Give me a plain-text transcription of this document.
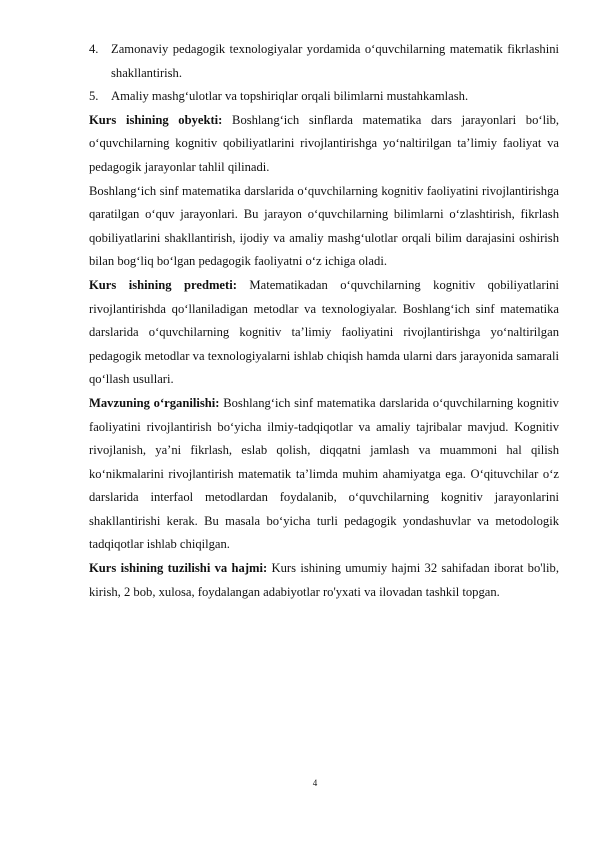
4. Zamonaviy pedagogik texnologiyalar yordamida o‘quvchilarning matematik fikrlashini shakllantirish.
5. Amaliy mashg‘ulotlar va topshiriqlar orqali bilimlarni mustahkamlash.

Kurs ishining obyekti: Boshlang‘ich sinflarda matematika dars jarayonlari bo‘lib, o‘quvchilarning kognitiv qobiliyatlarini rivojlantirishga yo‘naltirilgan ta’limiy faoliyat va pedagogik jarayonlar tahlil qilinadi.

Boshlang‘ich sinf matematika darslarida o‘quvchilarning kognitiv faoliyatini rivojlantirishga qaratilgan o‘quv jarayonlari. Bu jarayon o‘quvchilarning bilimlarni o‘zlashtirish, fikrlash qobiliyatlarini shakllantirish, ijodiy va amaliy mashg‘ulotlar orqali bilim darajasini oshirish bilan bog‘liq bo‘lgan pedagogik faoliyatni o‘z ichiga oladi.

Kurs ishining predmeti: Matematikadan o‘quvchilarning kognitiv qobiliyatlarini rivojlantirishda qo‘llaniladigan metodlar va texnologiyalar. Boshlang‘ich sinf matematika darslarida o‘quvchilarning kognitiv ta’limiy faoliyatini rivojlantirishga yo‘naltirilgan pedagogik metodlar va texnologiyalarni ishlab chiqish hamda ularni dars jarayonida samarali qo‘llash usullari.

Mavzuning o‘rganilishi: Boshlang‘ich sinf matematika darslarida o‘quvchilarning kognitiv faoliyatini rivojlantirish bo‘yicha ilmiy-tadqiqotlar va amaliy tajribalar mavjud. Kognitiv rivojlanish, ya’ni fikrlash, eslab qolish, diqqatni jamlash va muammoni hal qilish ko‘nikmalarini rivojlantirish matematik ta’limda muhim ahamiyatga ega. O‘qituvchilar o‘z darslarida interfaol metodlardan foydalanib, o‘quvchilarning kognitiv jarayonlarini shakllantirishi kerak. Bu masala bo‘yicha turli pedagogik yondashuvlar va metodologik tadqiqotlar ishlab chiqilgan.

Kurs ishining tuzilishi va hajmi: Kurs ishining umumiy hajmi 32 sahifadan iborat bo'lib, kirish, 2 bob, xulosa, foydalangan adabiyotlar ro'yxati va ilovadan tashkil topgan.

4
